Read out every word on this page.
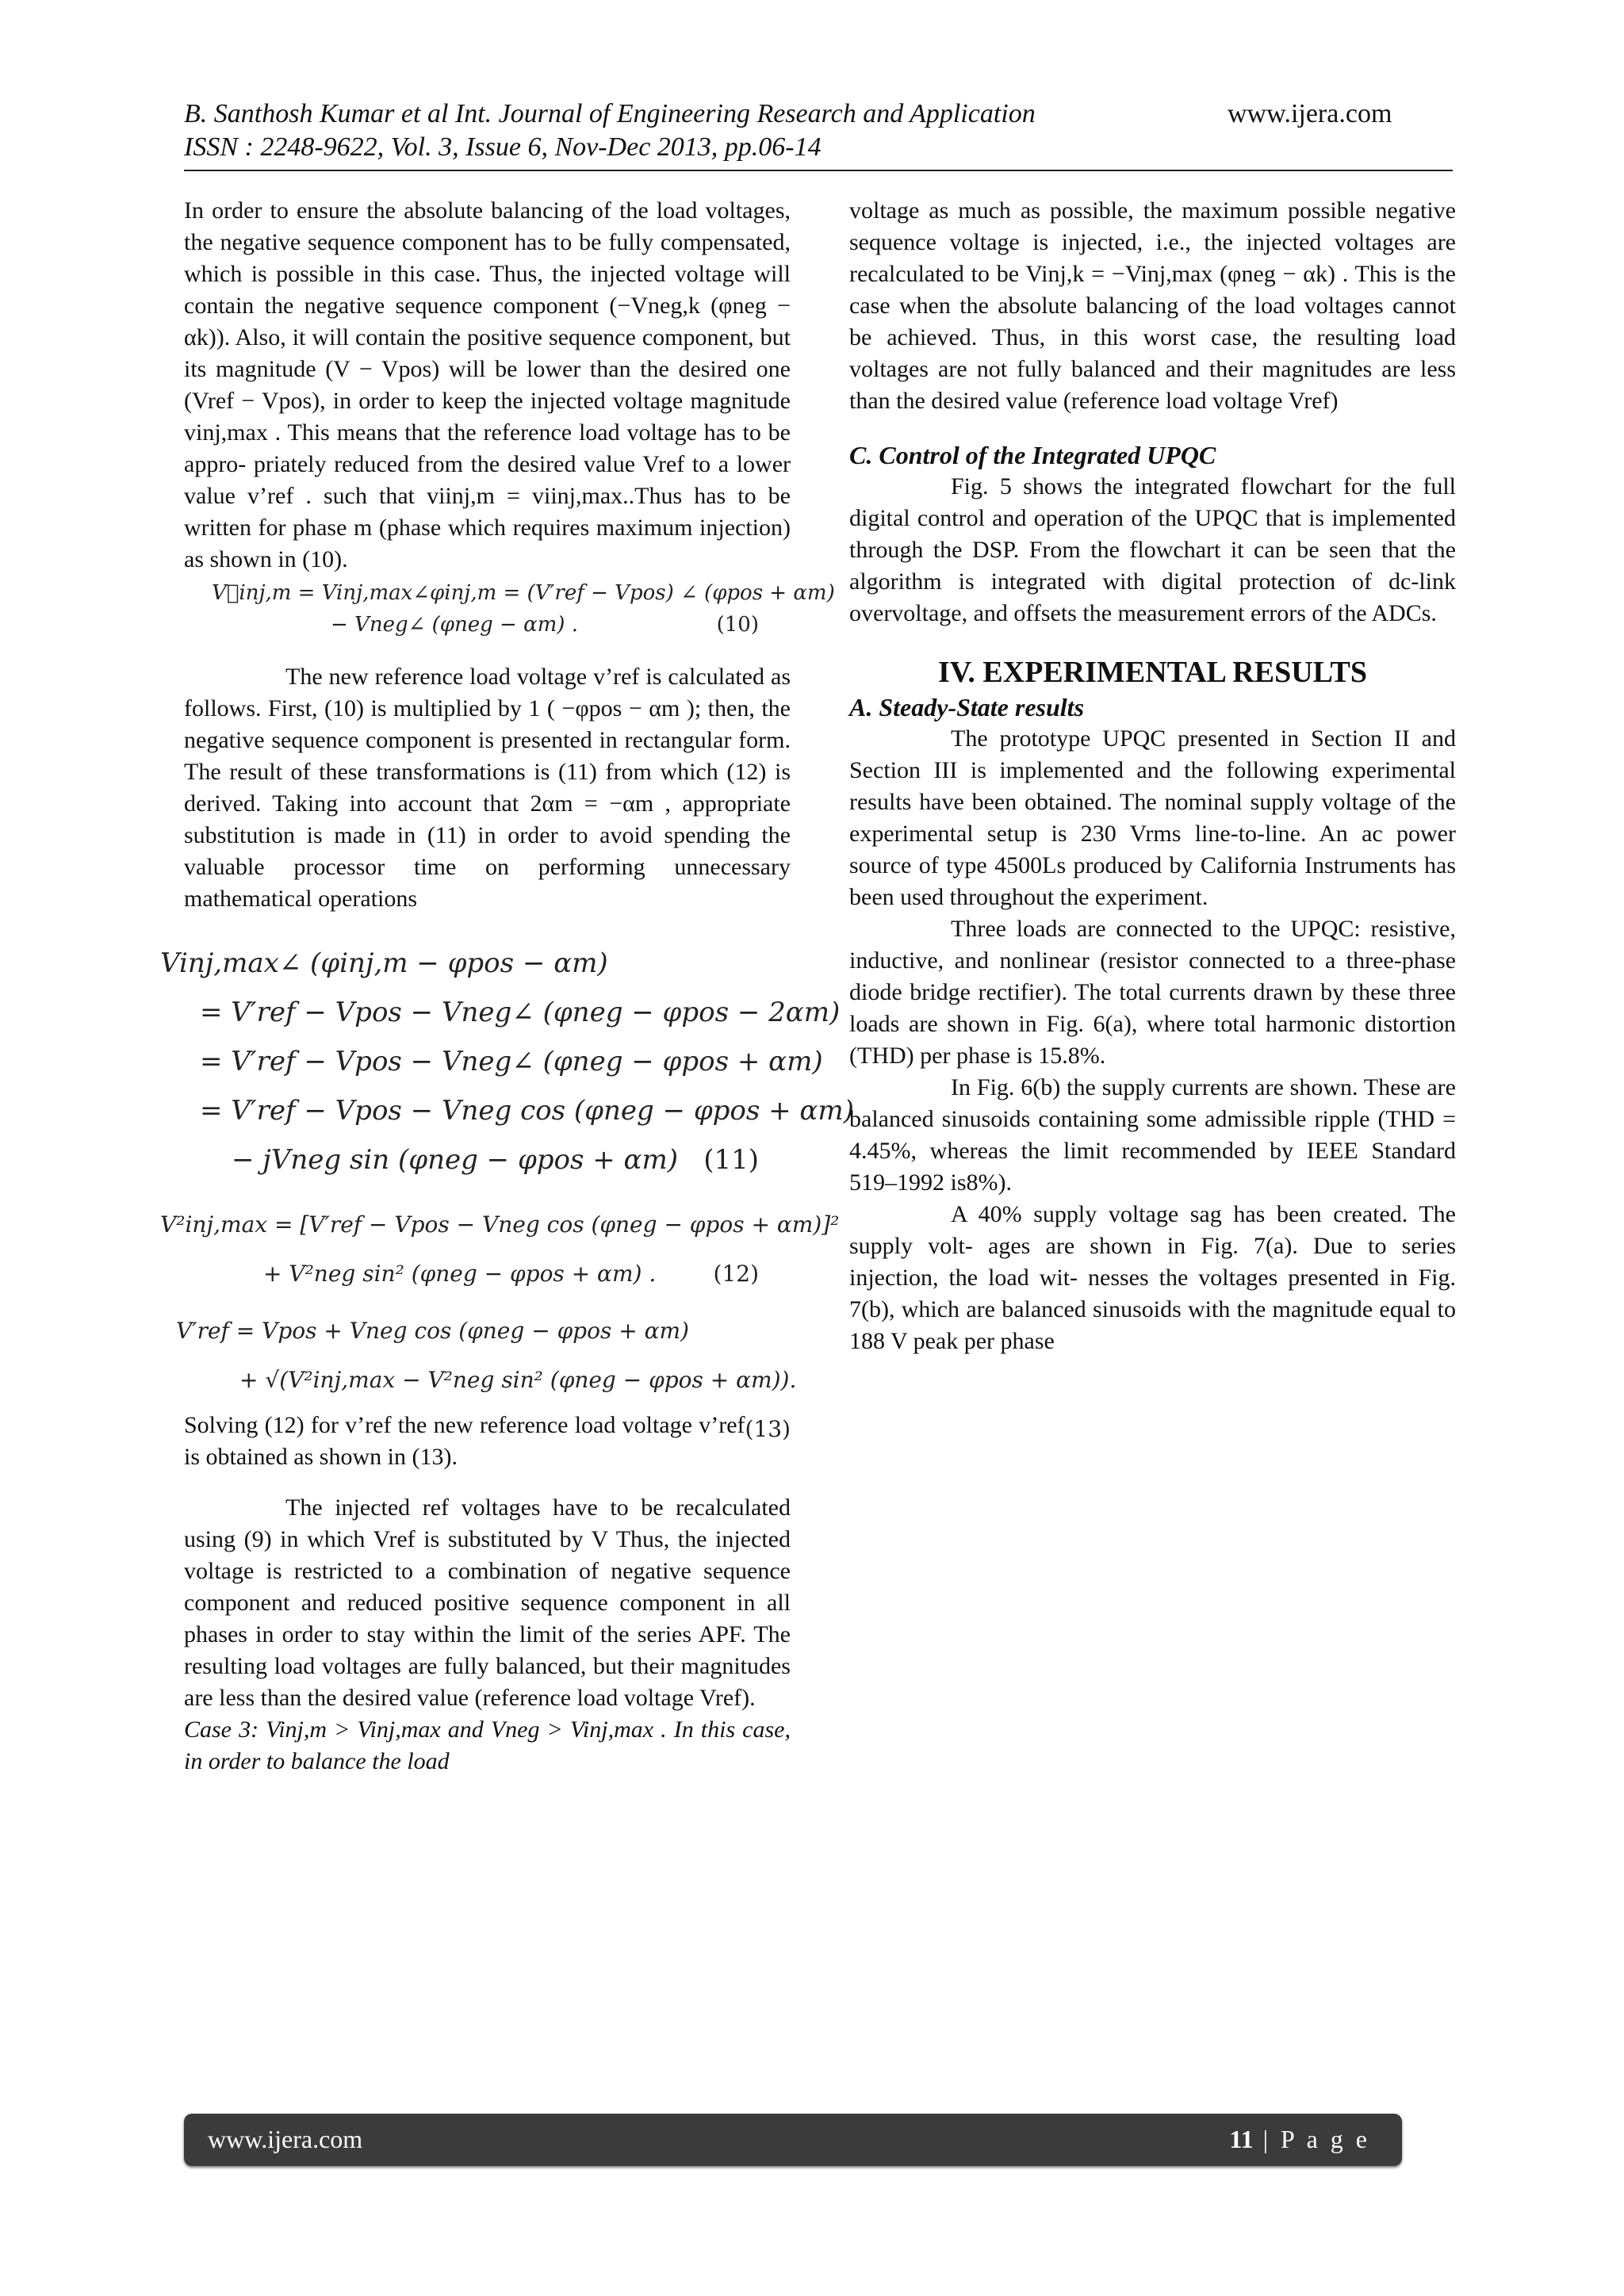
B. Santhosh Kumar et al Int. Journal of Engineering Research and Application
ISSN : 2248-9622, Vol. 3, Issue 6, Nov-Dec 2013, pp.06-14
www.ijera.com

In order to ensure the absolute balancing of the load voltages, the negative sequence component has to be fully compensated, which is possible in this case. Thus, the injected voltage will contain the negative sequence component (−Vneg,k (φneg − αk)). Also, it will contain the positive sequence component, but its magnitude (V − Vpos) will be lower than the desired one (Vref − Vpos), in order to keep the injected voltage magnitude vinj,max . This means that the reference load voltage has to be appro- priately reduced from the desired value Vref to a lower value v’ref . such that viinj,m = viinj,max..Thus has to be written for phase m (phase which requires maximum injection) as shown in (10).

V⃗inj,m = Vinj,max∠φinj,m = (V′ref − Vpos) ∠ (φpos + αm)
− Vneg∠ (φneg − αm) .	(10)

The new reference load voltage v’ref is calculated as follows. First, (10) is multiplied by 1 ( −φpos − αm ); then, the negative sequence component is presented in rectangular form. The result of these transformations is (11) from which (12) is derived. Taking into account that 2αm = −αm , appropriate substitution is made in (11) in order to avoid spending the valuable processor time on performing unnecessary mathematical operations

Vinj,max∠ (φinj,m − φpos − αm)
= V′ref − Vpos − Vneg∠ (φneg − φpos − 2αm)
= V′ref − Vpos − Vneg∠ (φneg − φpos + αm)
= V′ref − Vpos − Vneg cos (φneg − φpos + αm)
− jVneg sin (φneg − φpos + αm) (11)
V²inj,max = [V′ref − Vpos − Vneg cos (φneg − φpos + αm)]²
+ V²neg sin² (φneg − φpos + αm) .	(12)
V′ref = Vpos + Vneg cos (φneg − φpos + αm)
+ √(V²inj,max − V²neg sin² (φneg − φpos + αm)).
(13)

Solving (12) for v’ref the new reference load voltage v’ref is obtained as shown in (13).

The injected ref voltages have to be recalculated using (9) in which Vref is substituted by V Thus, the injected voltage is restricted to a combination of negative sequence component and reduced positive sequence component in all phases in order to stay within the limit of the series APF. The resulting load voltages are fully balanced, but their magnitudes are less than the desired value (reference load voltage Vref).

Case 3: Vinj,m > Vinj,max and Vneg > Vinj,max . In this case, in order to balance the load

voltage as much as possible, the maximum possible negative sequence voltage is injected, i.e., the injected voltages are recalculated to be Vinj,k = −Vinj,max (φneg − αk) . This is the case when the absolute balancing of the load voltages cannot be achieved. Thus, in this worst case, the resulting load voltages are not fully balanced and their magnitudes are less than the desired value (reference load voltage Vref)

C. Control of the Integrated UPQC

Fig. 5 shows the integrated flowchart for the full digital control and operation of the UPQC that is implemented through the DSP. From the flowchart it can be seen that the algorithm is integrated with digital protection of dc-link overvoltage, and offsets the measurement errors of the ADCs.

IV. EXPERIMENTAL RESULTS
A. Steady-State results

The prototype UPQC presented in Section II and Section III is implemented and the following experimental results have been obtained. The nominal supply voltage of the experimental setup is 230 Vrms line-to-line. An ac power source of type 4500Ls produced by California Instruments has been used throughout the experiment.

Three loads are connected to the UPQC: resistive, inductive, and nonlinear (resistor connected to a three-phase diode bridge rectifier). The total currents drawn by these three loads are shown in Fig. 6(a), where total harmonic distortion (THD) per phase is 15.8%.

In Fig. 6(b) the supply currents are shown. These are balanced sinusoids containing some admissible ripple (THD = 4.45%, whereas the limit recommended by IEEE Standard 519–1992 is8%).

A 40% supply voltage sag has been created. The supply volt- ages are shown in Fig. 7(a). Due to series injection, the load wit- nesses the voltages presented in Fig. 7(b), which are balanced sinusoids with the magnitude equal to 188 V peak per phase

www.ijera.com	11 | P a g e
